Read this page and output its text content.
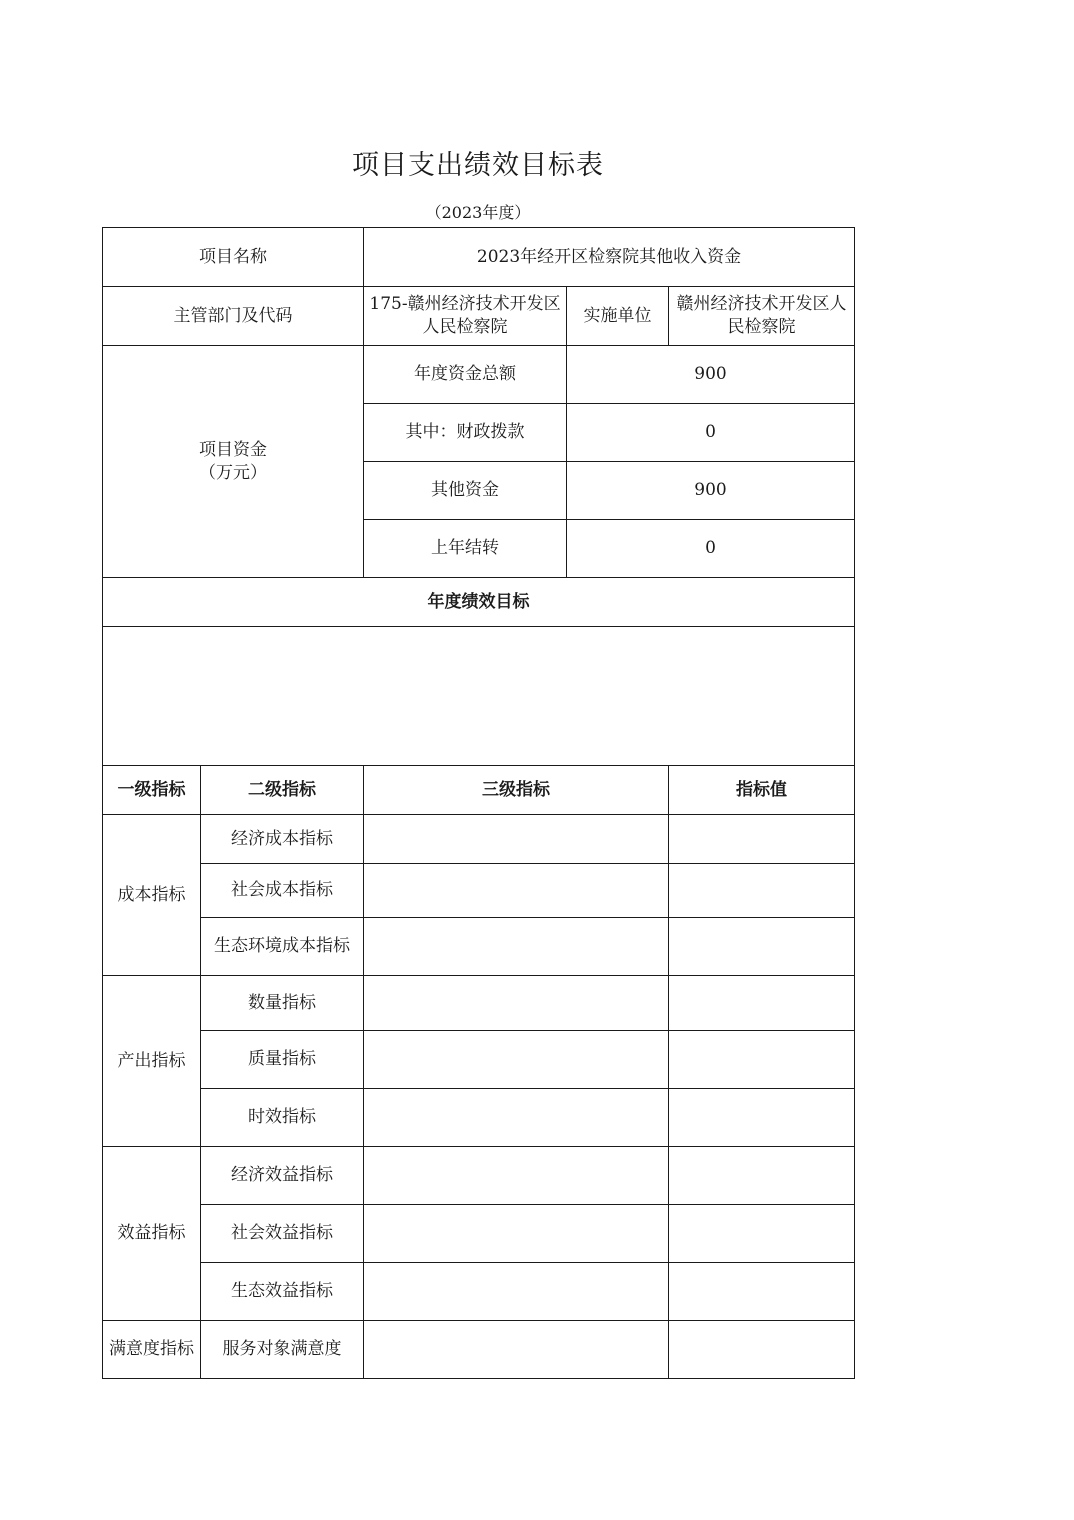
项目支出绩效目标表
（2023年度）
项目名称		2023年经开区检察院其他收入资金		
主管部门及代码		175-赣州经济技术开发区人民检察院	实施单位	赣州经济技术开发区人民检察院

项目资金
（万元）		年度资金总额	900	
		其中：财政拨款	0	
		其他资金	900	
		上年结转	0	
年度绩效目标				

一级指标	二级指标	三级指标		指标值
成本指标	经济成本指标			
	社会成本指标			
	生态环境成本指标			
产出指标	数量指标			
	质量指标			
	时效指标			
效益指标	经济效益指标			
	社会效益指标			
	生态效益指标			
满意度指标	服务对象满意度			
